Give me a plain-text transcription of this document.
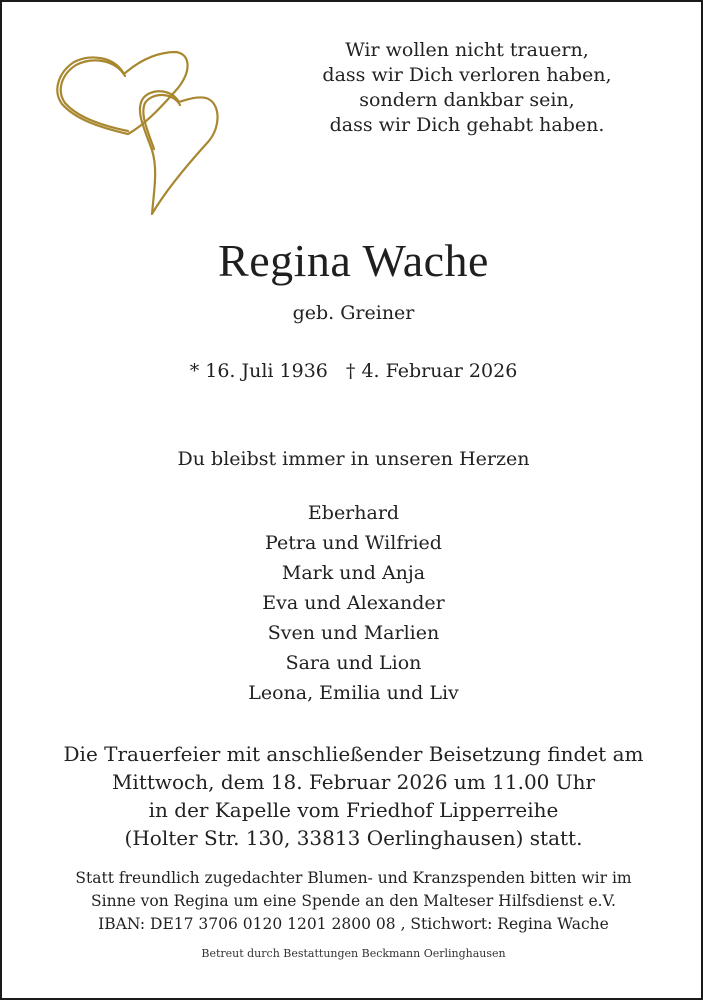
Wir wollen nicht trauern,
dass wir Dich verloren haben,
sondern dankbar sein,
dass wir Dich gehabt haben.
Regina Wache
geb. Greiner
* 16. Juli 1936 † 4. Februar 2026
Du bleibst immer in unseren Herzen
Eberhard
Petra und Wilfried
Mark und Anja
Eva und Alexander
Sven und Marlien
Sara und Lion
Leona, Emilia und Liv
Die Trauerfeier mit anschließender Beisetzung findet am
Mittwoch, dem 18. Februar 2026 um 11.00 Uhr
in der Kapelle vom Friedhof Lipperreihe
(Holter Str. 130, 33813 Oerlinghausen) statt.
Statt freundlich zugedachter Blumen- und Kranzspenden bitten wir im
Sinne von Regina um eine Spende an den Malteser Hilfsdienst e.V.
IBAN: DE17 3706 0120 1201 2800 08 , Stichwort: Regina Wache
Betreut durch Bestattungen Beckmann Oerlinghausen
